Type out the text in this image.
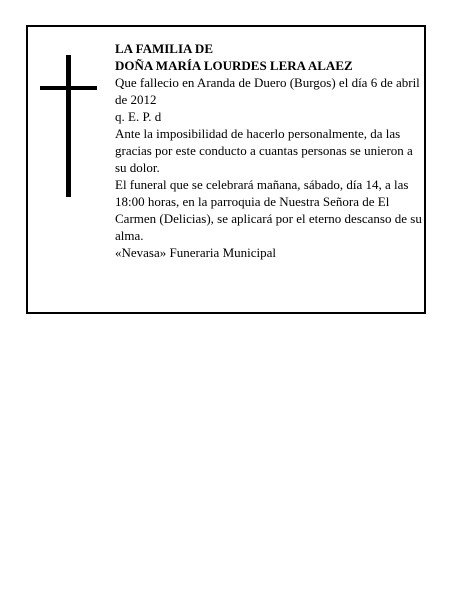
LA FAMILIA DE

DOÑA MARÍA LOURDES LERA ALAEZ

Que fallecio en Aranda de Duero (Burgos) el día 6 de abril de 2012

q. E. P. d

Ante la imposibilidad de hacerlo personalmente, da las gracias por este conducto a cuantas personas se unieron a su dolor.

El funeral que se celebrará mañana, sábado, día 14, a las 18:00 horas, en la parroquia de Nuestra Señora de El Carmen (Delicias), se aplicará por el eterno descanso de su alma.

«Nevasa» Funeraria Municipal
